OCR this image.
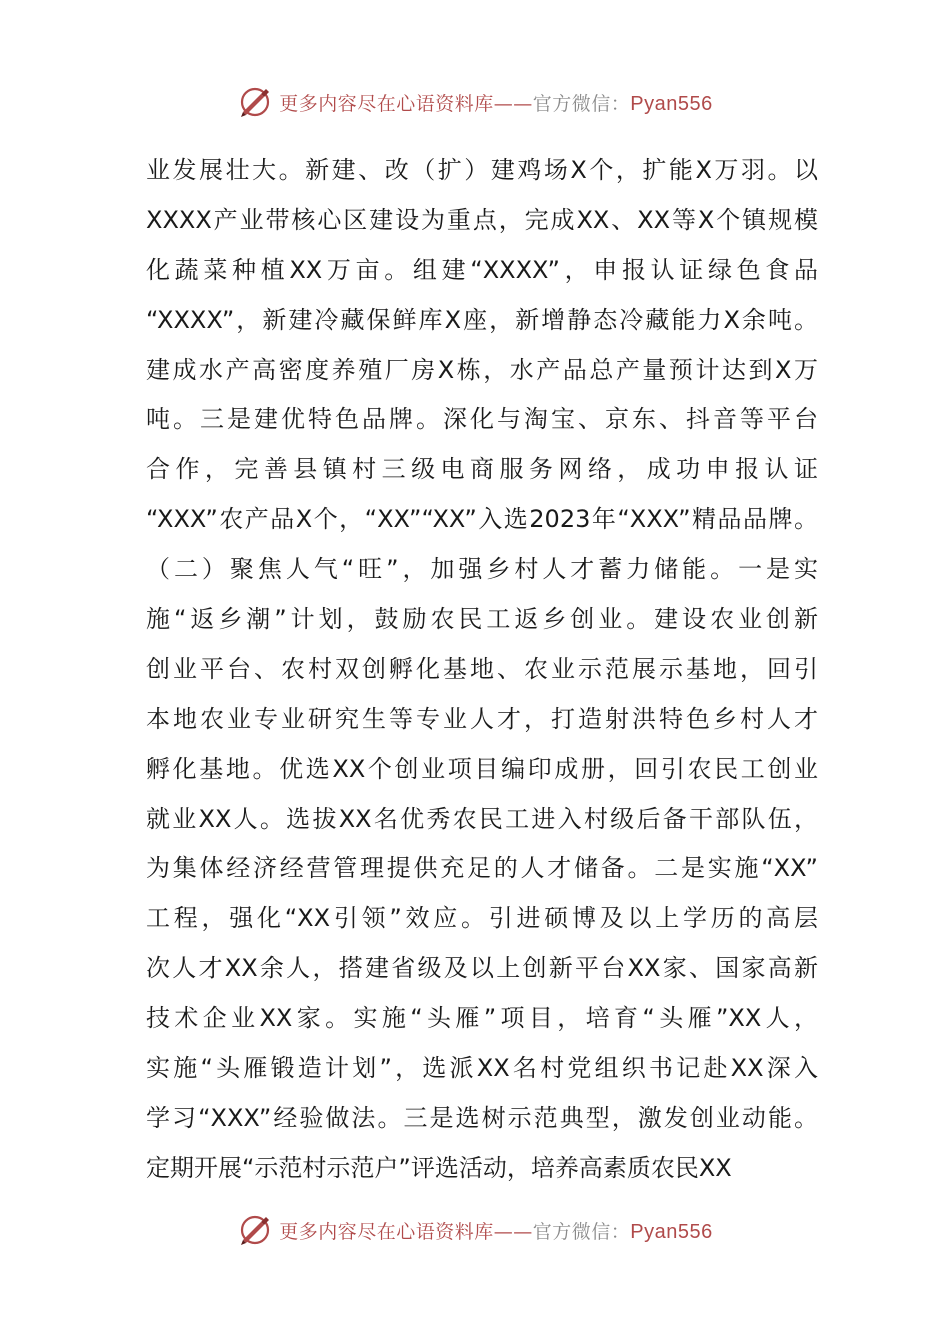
更多内容尽在心语资料库——官方微信：Pyan556
业发展壮大。新建、改（扩）建鸡场X个，扩能X万羽。以
XXXX产业带核心区建设为重点，完成XX、XX等X个镇规模
化蔬菜种植XX万亩。组建“XXXX”，申报认证绿色食品
“XXXX”，新建冷藏保鲜库X座，新增静态冷藏能力X余吨。
建成水产高密度养殖厂房X栋，水产品总产量预计达到X万
吨。三是建优特色品牌。深化与淘宝、京东、抖音等平台
合作，完善县镇村三级电商服务网络，成功申报认证
“XXX”农产品X个，“XX”“XX”入选2023年“XXX”精品品牌。
（二）聚焦人气“旺”，加强乡村人才蓄力储能。一是实
施“返乡潮”计划，鼓励农民工返乡创业。建设农业创新
创业平台、农村双创孵化基地、农业示范展示基地，回引
本地农业专业研究生等专业人才，打造射洪特色乡村人才
孵化基地。优选XX个创业项目编印成册，回引农民工创业
就业XX人。选拔XX名优秀农民工进入村级后备干部队伍，
为集体经济经营管理提供充足的人才储备。二是实施“XX”
工程，强化“XX引领”效应。引进硕博及以上学历的高层
次人才XX余人，搭建省级及以上创新平台XX家、国家高新
技术企业XX家。实施“头雁”项目，培育“头雁”XX人，
实施“头雁锻造计划”，选派XX名村党组织书记赴XX深入
学习“XXX”经验做法。三是选树示范典型，激发创业动能。
定期开展“示范村示范户”评选活动，培养高素质农民XX
更多内容尽在心语资料库——官方微信：Pyan556
